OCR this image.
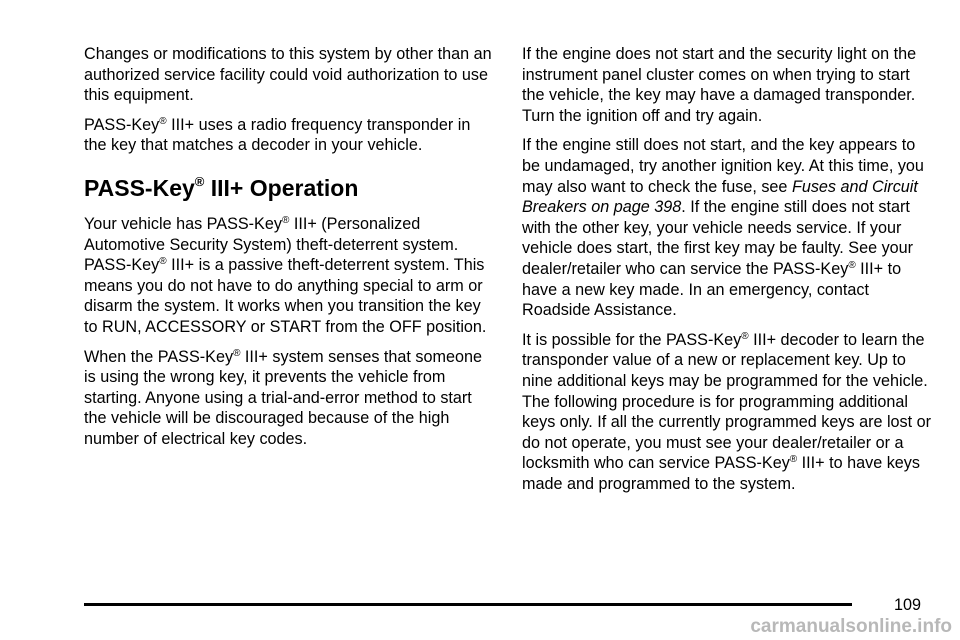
Changes or modifications to this system by other than an authorized service facility could void authorization to use this equipment.

PASS-Key® III+ uses a radio frequency transponder in the key that matches a decoder in your vehicle.

PASS-Key® III+ Operation

Your vehicle has PASS-Key® III+ (Personalized Automotive Security System) theft-deterrent system. PASS-Key® III+ is a passive theft-deterrent system. This means you do not have to do anything special to arm or disarm the system. It works when you transition the key to RUN, ACCESSORY or START from the OFF position.

When the PASS-Key® III+ system senses that someone is using the wrong key, it prevents the vehicle from starting. Anyone using a trial-and-error method to start the vehicle will be discouraged because of the high number of electrical key codes.

If the engine does not start and the security light on the instrument panel cluster comes on when trying to start the vehicle, the key may have a damaged transponder. Turn the ignition off and try again.

If the engine still does not start, and the key appears to be undamaged, try another ignition key. At this time, you may also want to check the fuse, see Fuses and Circuit Breakers on page 398. If the engine still does not start with the other key, your vehicle needs service. If your vehicle does start, the first key may be faulty. See your dealer/retailer who can service the PASS-Key® III+ to have a new key made. In an emergency, contact Roadside Assistance.

It is possible for the PASS-Key® III+ decoder to learn the transponder value of a new or replacement key. Up to nine additional keys may be programmed for the vehicle. The following procedure is for programming additional keys only. If all the currently programmed keys are lost or do not operate, you must see your dealer/retailer or a locksmith who can service PASS-Key® III+ to have keys made and programmed to the system.

109
carmanualsonline.info
